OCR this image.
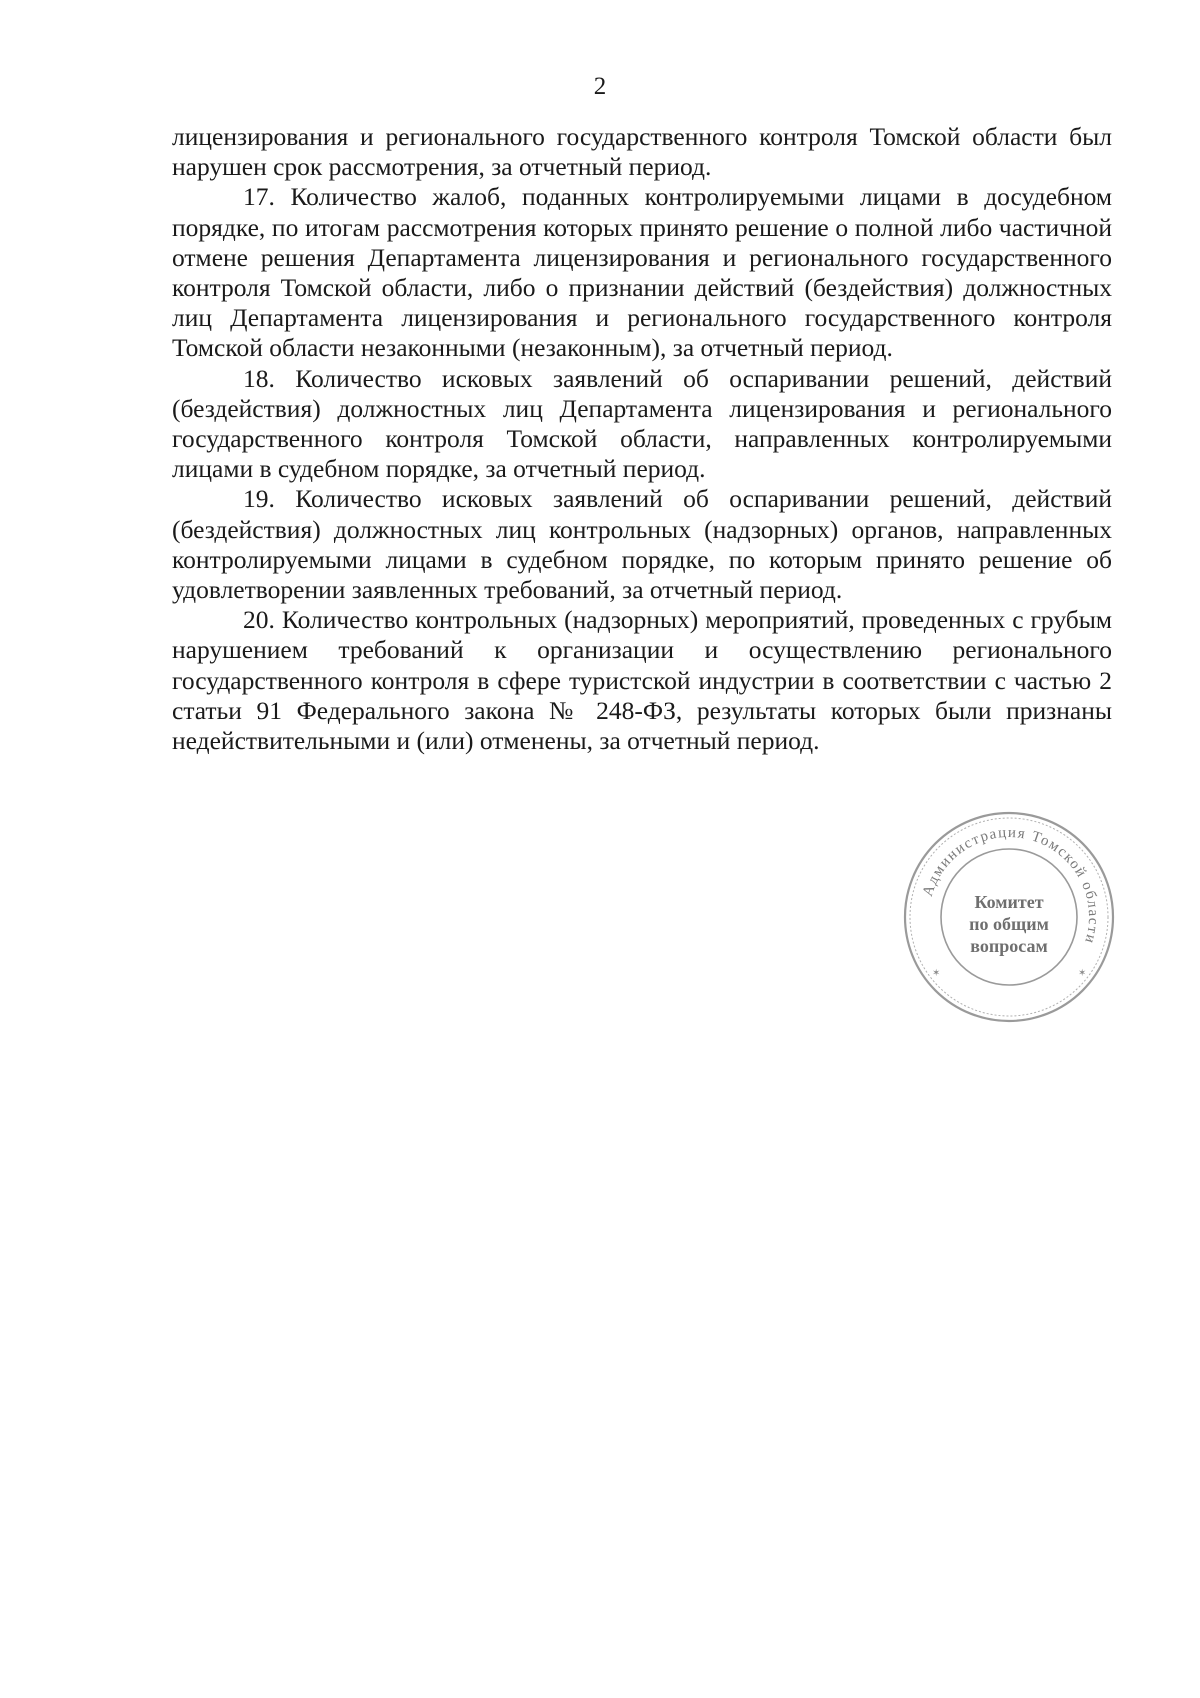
2

лицензирования и регионального государственного контроля Томской области был нарушен срок рассмотрения, за отчетный период.

17. Количество жалоб, поданных контролируемыми лицами в досудебном порядке, по итогам рассмотрения которых принято решение о полной либо частичной отмене решения Департамента лицензирования и регионального государственного контроля Томской области, либо о признании действий (бездействия) должностных лиц Департамента лицензирования и регионального государственного контроля Томской области незаконными (незаконным), за отчетный период.

18. Количество исковых заявлений об оспаривании решений, действий (бездействия) должностных лиц Департамента лицензирования и регионального государственного контроля Томской области, направленных контролируемыми лицами в судебном порядке, за отчетный период.

19. Количество исковых заявлений об оспаривании решений, действий (бездействия) должностных лиц контрольных (надзорных) органов, направленных контролируемыми лицами в судебном порядке, по которым принято решение об удовлетворении заявленных требований, за отчетный период.

20. Количество контрольных (надзорных) мероприятий, проведенных с грубым нарушением требований к организации и осуществлению регионального государственного контроля в сфере туристской индустрии в соответствии с частью 2 статьи 91 Федерального закона № 248-ФЗ, результаты которых были признаны недействительными и (или) отменены, за отчетный период.

Администрация Томской области
Комитет
по общим
вопросам
✶	✶
